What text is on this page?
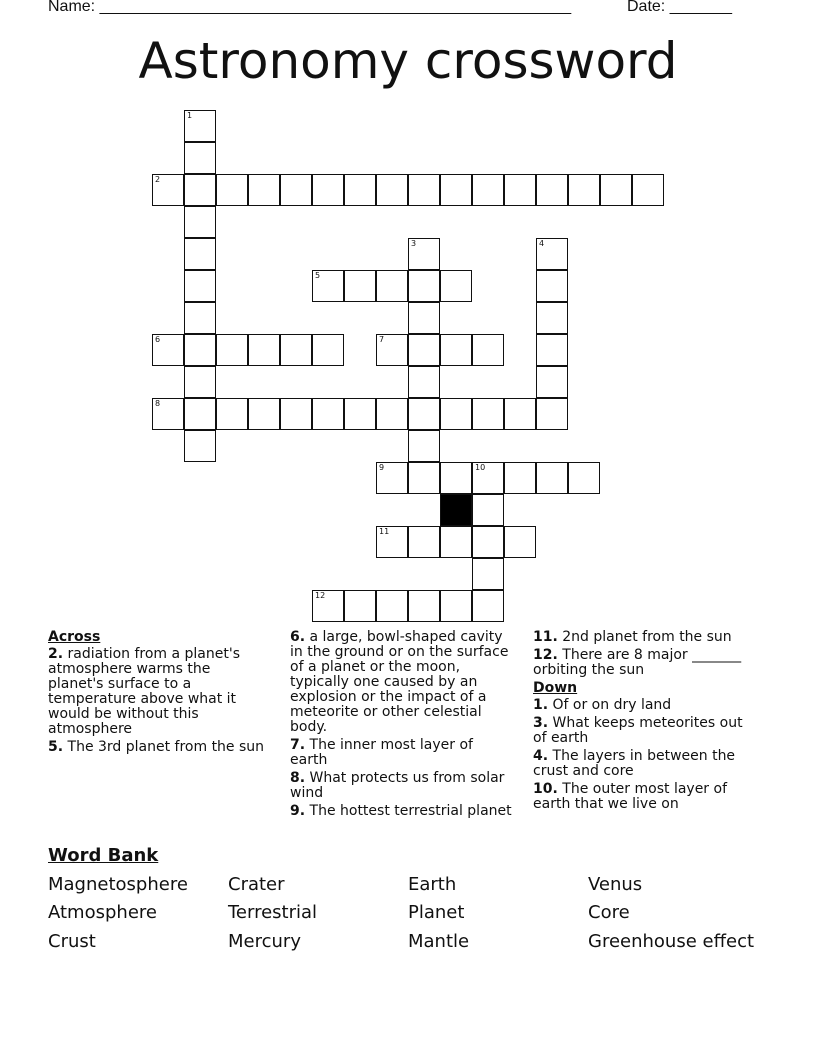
Name: _____________________________________________________	Date: _______
Astronomy crossword
1
2
3	4
5
6	7
8
9	10
11
12
Across
2. radiation from a planet's atmosphere warms the planet's surface to a temperature above what it would be without this atmosphere
5. The 3rd planet from the sun
6. a large, bowl-shaped cavity in the ground or on the surface of a planet or the moon, typically one caused by an explosion or the impact of a meteorite or other celestial body.
7. The inner most layer of earth
8. What protects us from solar wind
9. The hottest terrestrial planet
11. 2nd planet from the sun
12. There are 8 major _______ orbiting the sun
Down
1. Of or on dry land
3. What keeps meteorites out of earth
4. The layers in between the crust and core
10. The outer most layer of earth that we live on
Word Bank
Magnetosphere Crater	Earth	Venus
Atmosphere	Terrestrial	Planet	Core
Crust	Mercury	Mantle	Greenhouse effect
